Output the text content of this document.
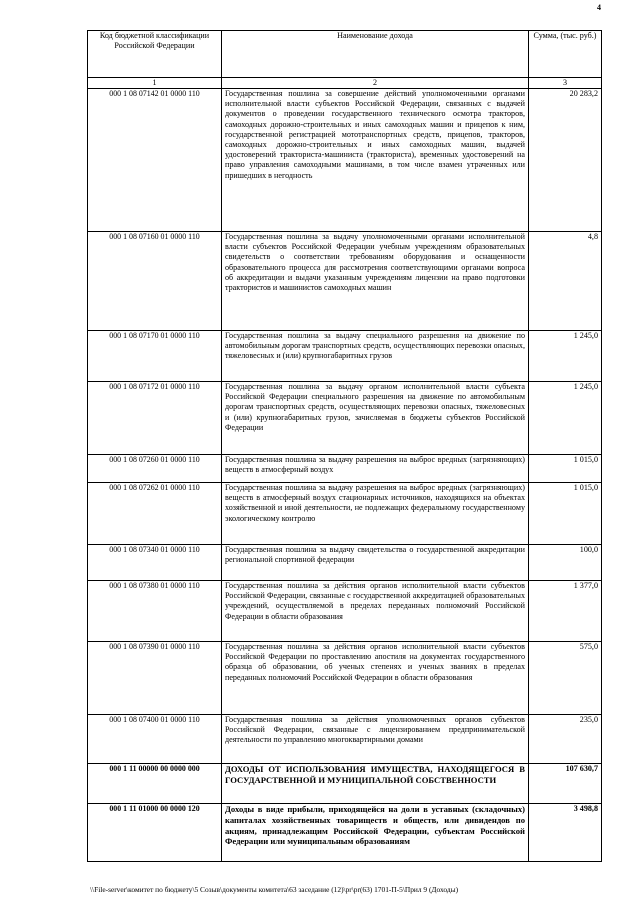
4
Код бюджетной классификации Российской Федерации	Наименование дохода	Сумма, (тыс. руб.)
1	2	3
000 1 08 07142 01 0000 110	Государственная пошлина за совершение действий уполномоченными органами исполнительной власти субъектов Российской Федерации, связанных с выдачей документов о проведении государственного технического осмотра тракторов, самоходных дорожно-строительных и иных самоходных машин и прицепов к ним, государственной регистрацией мототранспортных средств, прицепов, тракторов, самоходных дорожно-строительных и иных самоходных машин, выдачей удостоверений тракториста-машиниста (тракториста), временных удостоверений на право управления самоходными машинами, в том числе взамен утраченных или пришедших в негодность	20 283,2
000 1 08 07160 01 0000 110	Государственная пошлина за выдачу уполномоченными органами исполнительной власти субъектов Российской Федерации учебным учреждениям образовательных свидетельств о соответствии требованиям оборудования и оснащенности образовательного процесса для рассмотрения соответствующими органами вопроса об аккредитации и выдачи указанным учреждениям лицензии на право подготовки трактористов и машинистов самоходных машин	4,8
000 1 08 07170 01 0000 110	Государственная пошлина за выдачу специального разрешения на движение по автомобильным дорогам транспортных средств, осуществляющих перевозки опасных, тяжеловесных и (или) крупногабаритных грузов	1 245,0
000 1 08 07172 01 0000 110	Государственная пошлина за выдачу органом исполнительной власти субъекта Российской Федерации специального разрешения на движение по автомобильным дорогам транспортных средств, осуществляющих перевозки опасных, тяжеловесных и (или) крупногабаритных грузов, зачисляемая в бюджеты субъектов Российской Федерации	1 245,0
000 1 08 07260 01 0000 110	Государственная пошлина за выдачу разрешения на выброс вредных (загрязняющих) веществ в атмосферный воздух	1 015,0
000 1 08 07262 01 0000 110	Государственная пошлина за выдачу разрешения на выброс вредных (загрязняющих) веществ в атмосферный воздух стационарных источников, находящихся на объектах хозяйственной и иной деятельности, не подлежащих федеральному государственному экологическому контролю	1 015,0
000 1 08 07340 01 0000 110	Государственная пошлина за выдачу свидетельства о государственной аккредитации региональной спортивной федерации	100,0
000 1 08 07380 01 0000 110	Государственная пошлина за действия органов исполнительной власти субъектов Российской Федерации, связанные с государственной аккредитацией образовательных учреждений, осуществляемой в пределах переданных полномочий Российской Федерации в области образования	1 377,0
000 1 08 07390 01 0000 110	Государственная пошлина за действия органов исполнительной власти субъектов Российской Федерации по проставлению апостиля на документах государственного образца об образовании, об ученых степенях и ученых званиях в пределах переданных полномочий Российской Федерации в области образования	575,0
000 1 08 07400 01 0000 110	Государственная пошлина за действия уполномоченных органов субъектов Российской Федерации, связанные с лицензированием предпринимательской деятельности по управлению многоквартирными домами	235,0
000 1 11 00000 00 0000 000	ДОХОДЫ ОТ ИСПОЛЬЗОВАНИЯ ИМУЩЕСТВА, НАХОДЯЩЕГОСЯ В ГОСУДАРСТВЕННОЙ И МУНИЦИПАЛЬНОЙ СОБСТВЕННОСТИ	107 630,7
000 1 11 01000 00 0000 120	Доходы в виде прибыли, приходящейся на доли в уставных (складочных) капиталах хозяйственных товариществ и обществ, или дивидендов по акциям, принадлежащим Российской Федерации, субъектам Российской Федерации или муниципальным образованиям	3 498,8
\\File-server\комитет по бюджету\5 Созыв\документы комитета\63 заседание (12)\pr\pr(63) 1701-П-5\Прил 9 (Доходы)
